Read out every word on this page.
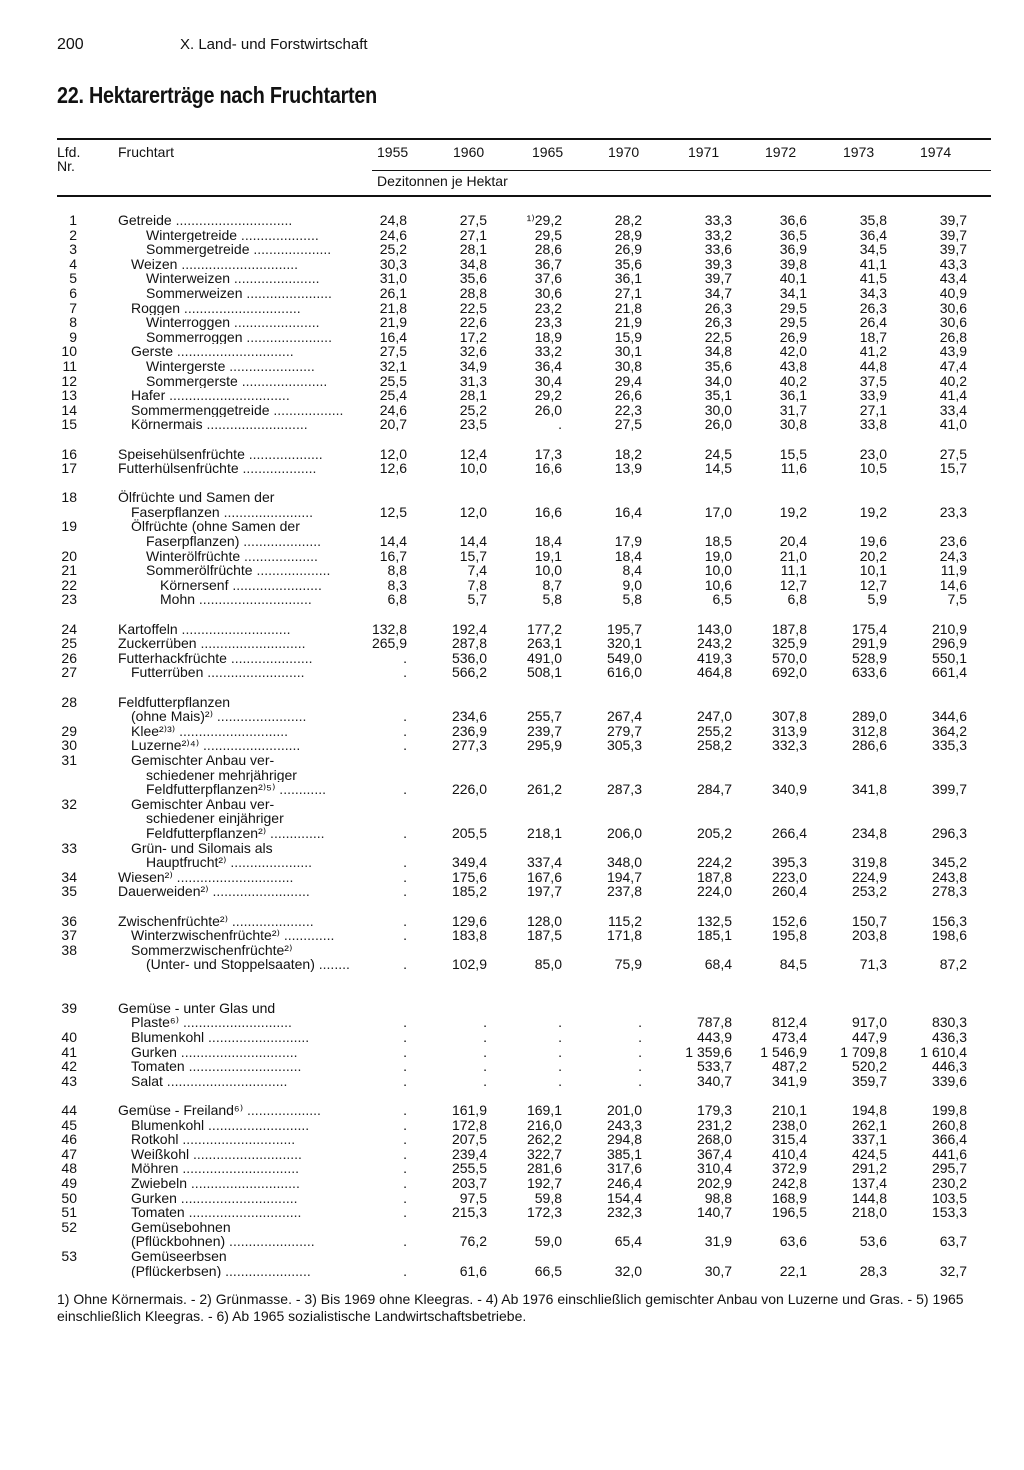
200	X. Land- und Forstwirtschaft
22. Hektarerträge nach Fruchtarten
Lfd.
Nr.
Fruchtart	1955	1960	1965	1970	1971	1972	1973	1974
Dezitonnen je Hektar
1	Getreide ..............................	24,8	27,5	¹⁾29,2	28,2	33,3	36,6	35,8	39,7
2	Wintergetreide ....................	24,6	27,1	29,5	28,9	33,2	36,5	36,4	39,7
3	Sommergetreide ....................	25,2	28,1	28,6	26,9	33,6	36,9	34,5	39,7
4	Weizen ..............................	30,3	34,8	36,7	35,6	39,3	39,8	41,1	43,3
5	Winterweizen ......................	31,0	35,6	37,6	36,1	39,7	40,1	41,5	43,4
6	Sommerweizen ......................	26,1	28,8	30,6	27,1	34,7	34,1	34,3	40,9
7	Roggen ..............................	21,8	22,5	23,2	21,8	26,3	29,5	26,3	30,6
8	Winterroggen ......................	21,9	22,6	23,3	21,9	26,3	29,5	26,4	30,6
9	Sommerroggen ......................	16,4	17,2	18,9	15,9	22,5	26,9	18,7	26,8
10	Gerste ..............................	27,5	32,6	33,2	30,1	34,8	42,0	41,2	43,9
11	Wintergerste ......................	32,1	34,9	36,4	30,8	35,6	43,8	44,8	47,4
12	Sommergerste ......................	25,5	31,3	30,4	29,4	34,0	40,2	37,5	40,2
13	Hafer ...............................	25,4	28,1	29,2	26,6	35,1	36,1	33,9	41,4
14	Sommermenggetreide ..................	24,6	25,2	26,0	22,3	30,0	31,7	27,1	33,4
15	Körnermais ..........................	20,7	23,5	.	27,5	26,0	30,8	33,8	41,0
16	Speisehülsenfrüchte ...................	12,0	12,4	17,3	18,2	24,5	15,5	23,0	27,5
17	Futterhülsenfrüchte ...................	12,6	10,0	16,6	13,9	14,5	11,6	10,5	15,7
18	Ölfrüchte und Samen der
Faserpflanzen .......................	12,5	12,0	16,6	16,4	17,0	19,2	19,2	23,3
19	Ölfrüchte (ohne Samen der
Faserpflanzen) ....................	14,4	14,4	18,4	17,9	18,5	20,4	19,6	23,6
20	Winterölfrüchte ...................	16,7	15,7	19,1	18,4	19,0	21,0	20,2	24,3
21	Sommerölfrüchte ...................	8,8	7,4	10,0	8,4	10,0	11,1	10,1	11,9
22	Körnersenf .......................	8,3	7,8	8,7	9,0	10,6	12,7	12,7	14,6
23	Mohn .............................	6,8	5,7	5,8	5,8	6,5	6,8	5,9	7,5
24	Kartoffeln ............................	132,8	192,4	177,2	195,7	143,0	187,8	175,4	210,9
25	Zuckerrüben ...........................	265,9	287,8	263,1	320,1	243,2	325,9	291,9	296,9
26	Futterhackfrüchte .....................	.	536,0	491,0	549,0	419,3	570,0	528,9	550,1
27	Futterrüben .........................	.	566,2	508,1	616,0	464,8	692,0	633,6	661,4
28	Feldfutterpflanzen
(ohne Mais)²⁾ .......................	.	234,6	255,7	267,4	247,0	307,8	289,0	344,6
29	Klee²⁾³⁾ ............................	.	236,9	239,7	279,7	255,2	313,9	312,8	364,2
30	Luzerne²⁾⁴⁾ .........................	.	277,3	295,9	305,3	258,2	332,3	286,6	335,3
31	Gemischter Anbau ver-
schiedener mehrjähriger
Feldfutterpflanzen²⁾⁵⁾ ............	.	226,0	261,2	287,3	284,7	340,9	341,8	399,7
32	Gemischter Anbau ver-
schiedener einjähriger
Feldfutterpflanzen²⁾ ..............	.	205,5	218,1	206,0	205,2	266,4	234,8	296,3
33	Grün- und Silomais als
Hauptfrucht²⁾ .....................	.	349,4	337,4	348,0	224,2	395,3	319,8	345,2
34	Wiesen²⁾ ..............................	.	175,6	167,6	194,7	187,8	223,0	224,9	243,8
35	Dauerweiden²⁾ .........................	.	185,2	197,7	237,8	224,0	260,4	253,2	278,3
36	Zwischenfrüchte²⁾ .....................	.	129,6	128,0	115,2	132,5	152,6	150,7	156,3
37	Winterzwischenfrüchte²⁾ .............	.	183,8	187,5	171,8	185,1	195,8	203,8	198,6
38	Sommerzwischenfrüchte²⁾
(Unter- und Stoppelsaaten) ........	.	102,9	85,0	75,9	68,4	84,5	71,3	87,2
39	Gemüse - unter Glas und
Plaste⁶⁾ ............................	.	.	.	.	787,8	812,4	917,0	830,3
40	Blumenkohl ..........................	.	.	.	.	443,9	473,4	447,9	436,3
41	Gurken ..............................	.	.	.	.	1 359,6	1 546,9	1 709,8	1 610,4
42	Tomaten .............................	.	.	.	.	533,7	487,2	520,2	446,3
43	Salat ...............................	.	.	.	.	340,7	341,9	359,7	339,6
44	Gemüse - Freiland⁶⁾ ...................	.	161,9	169,1	201,0	179,3	210,1	194,8	199,8
45	Blumenkohl ..........................	.	172,8	216,0	243,3	231,2	238,0	262,1	260,8
46	Rotkohl .............................	.	207,5	262,2	294,8	268,0	315,4	337,1	366,4
47	Weißkohl ............................	.	239,4	322,7	385,1	367,4	410,4	424,5	441,6
48	Möhren ..............................	.	255,5	281,6	317,6	310,4	372,9	291,2	295,7
49	Zwiebeln ............................	.	203,7	192,7	246,4	202,9	242,8	137,4	230,2
50	Gurken ..............................	.	97,5	59,8	154,4	98,8	168,9	144,8	103,5
51	Tomaten .............................	.	215,3	172,3	232,3	140,7	196,5	218,0	153,3
52	Gemüsebohnen
(Pflückbohnen) ......................	.	76,2	59,0	65,4	31,9	63,6	53,6	63,7
53	Gemüseerbsen
(Pflückerbsen) ......................	.	61,6	66,5	32,0	30,7	22,1	28,3	32,7
1) Ohne Körnermais. - 2) Grünmasse. - 3) Bis 1969 ohne Kleegras. - 4) Ab 1976 einschließlich gemischter Anbau von Luzerne und Gras. - 5) 1965 einschließlich Kleegras. - 6) Ab 1965 sozialistische Landwirtschaftsbetriebe.
